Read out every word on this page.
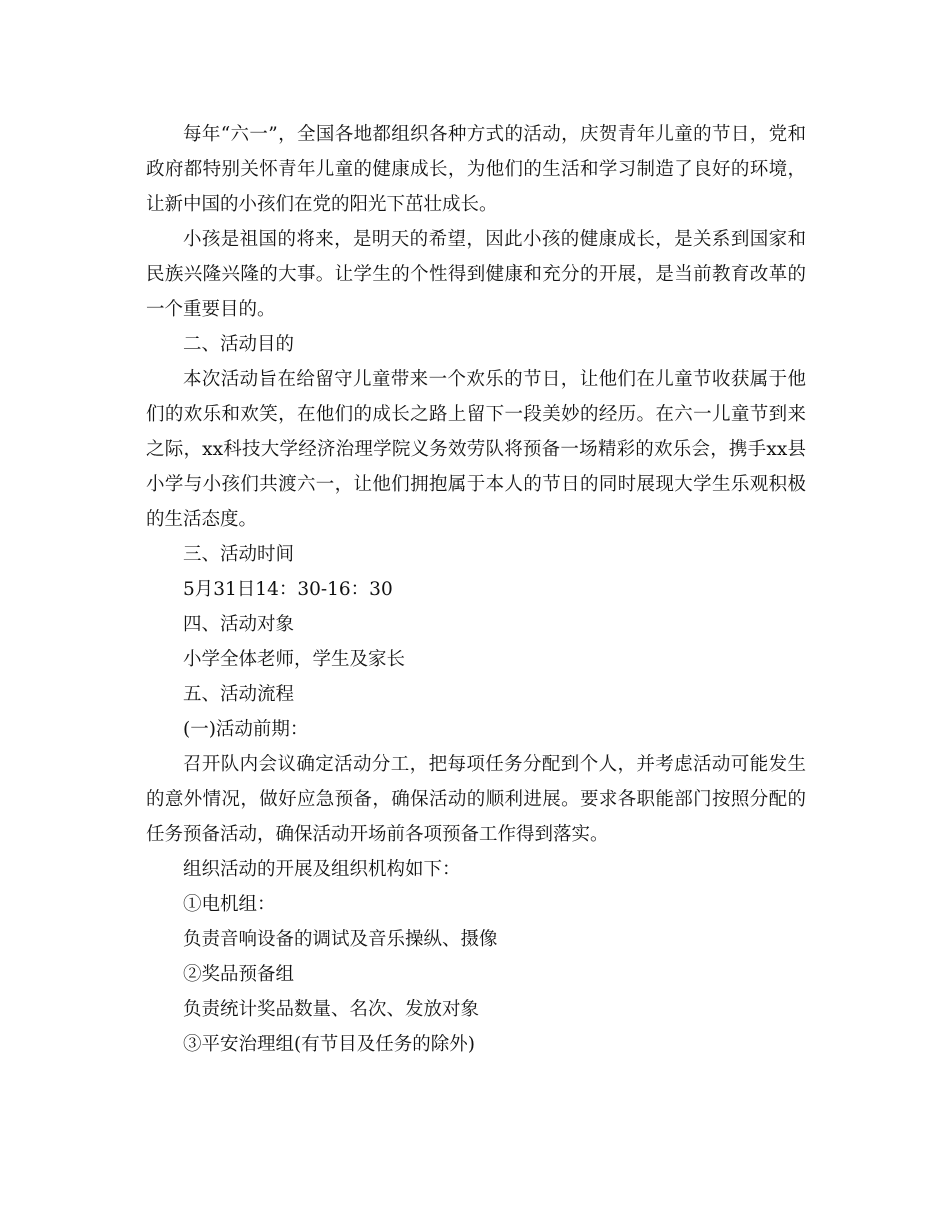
每年“六一”，全国各地都组织各种方式的活动，庆贺青年儿童的节日，党和政府都特别关怀青年儿童的健康成长，为他们的生活和学习制造了良好的环境，让新中国的小孩们在党的阳光下茁壮成长。

小孩是祖国的将来，是明天的希望，因此小孩的健康成长，是关系到国家和民族兴隆兴隆的大事。让学生的个性得到健康和充分的开展，是当前教育改革的一个重要目的。

二、活动目的

本次活动旨在给留守儿童带来一个欢乐的节日，让他们在儿童节收获属于他们的欢乐和欢笑，在他们的成长之路上留下一段美妙的经历。在六一儿童节到来之际，xx科技大学经济治理学院义务效劳队将预备一场精彩的欢乐会，携手xx县小学与小孩们共渡六一，让他们拥抱属于本人的节日的同时展现大学生乐观积极的生活态度。

三、活动时间

5月31日14：30-16：30

四、活动对象

小学全体老师，学生及家长

五、活动流程

(一)活动前期：

召开队内会议确定活动分工，把每项任务分配到个人，并考虑活动可能发生的意外情况，做好应急预备，确保活动的顺利进展。要求各职能部门按照分配的任务预备活动，确保活动开场前各项预备工作得到落实。

组织活动的开展及组织机构如下：

①电机组：

负责音响设备的调试及音乐操纵、摄像

②奖品预备组

负责统计奖品数量、名次、发放对象

③平安治理组(有节目及任务的除外)
